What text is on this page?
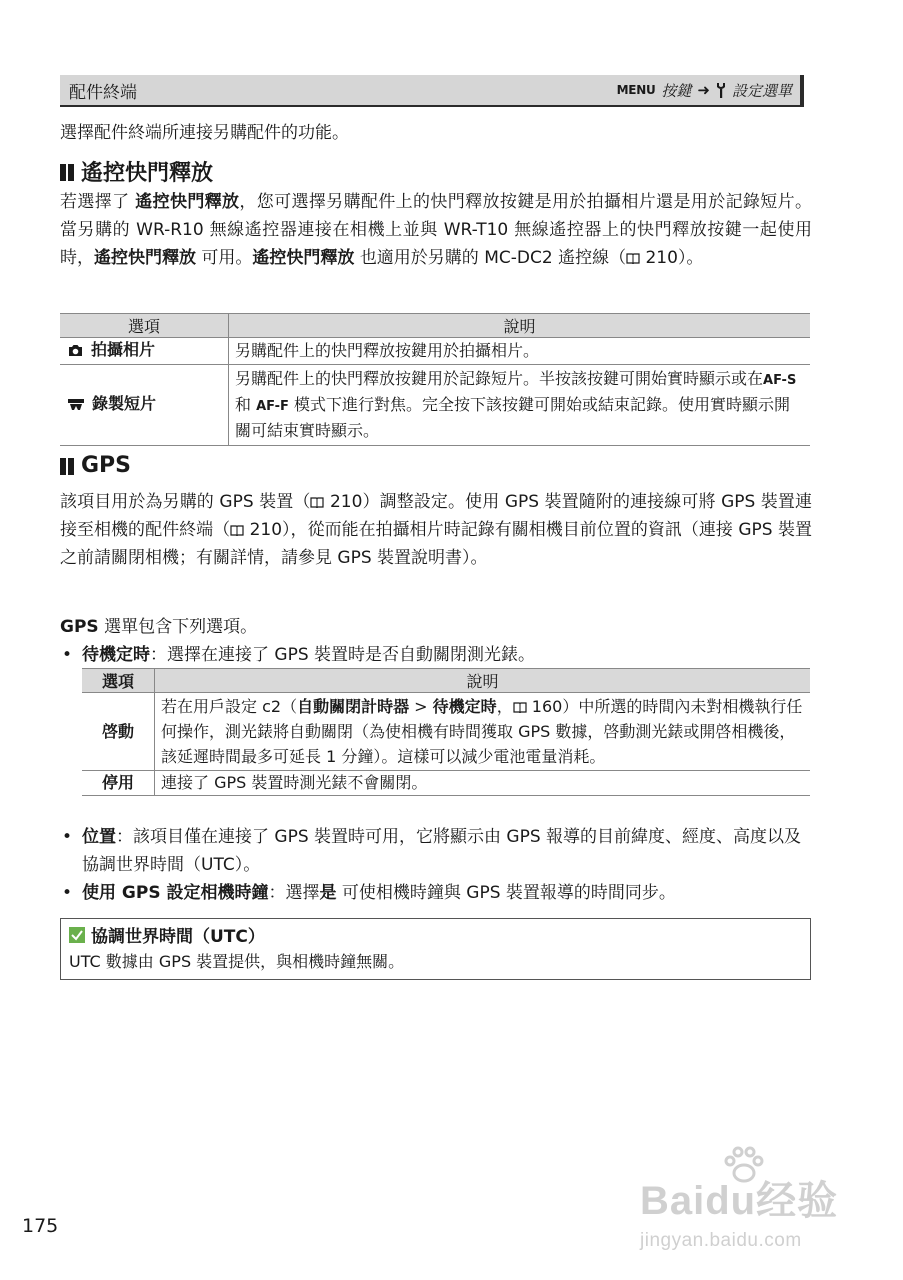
配件終端	MENU 按鍵 ➜ 設定選單
選擇配件終端所連接另購配件的功能。
遙控快門釋放
若選擇了 遙控快門釋放，您可選擇另購配件上的快門釋放按鍵是用於拍攝相片還是用於記錄短片。當另購的 WR-R10 無線遙控器連接在相機上並與 WR-T10 無線遙控器上的快門釋放按鍵一起使用時，遙控快門釋放 可用。遙控快門釋放 也適用於另購的 MC-DC2 遙控線（ 210）。
選項	說明
拍攝相片	另購配件上的快門釋放按鍵用於拍攝相片。
錄製短片	另購配件上的快門釋放按鍵用於記錄短片。半按該按鍵可開始實時顯示或在AF-S 和 AF-F 模式下進行對焦。完全按下該按鍵可開始或結束記錄。使用實時顯示開關可結束實時顯示。
GPS
該項目用於為另購的 GPS 裝置（ 210）調整設定。使用 GPS 裝置隨附的連接線可將 GPS 裝置連接至相機的配件終端（ 210），從而能在拍攝相片時記錄有關相機目前位置的資訊（連接 GPS 裝置之前請關閉相機；有關詳情，請參見 GPS 裝置說明書）。
GPS 選單包含下列選項。
• 待機定時：選擇在連接了 GPS 裝置時是否自動關閉測光錶。
選項	說明
啓動	若在用戶設定 c2（自動關閉計時器 > 待機定時， 160）中所選的時間內未對相機執行任何操作，測光錶將自動關閉（為使相機有時間獲取 GPS 數據，啓動測光錶或開啓相機後，該延遲時間最多可延長 1 分鐘）。這樣可以減少電池電量消耗。
停用	連接了 GPS 裝置時測光錶不會關閉。
• 位置：該項目僅在連接了 GPS 裝置時可用，它將顯示由 GPS 報導的目前緯度、經度、高度以及協調世界時間（UTC）。
• 使用 GPS 設定相機時鐘：選擇是 可使相機時鐘與 GPS 裝置報導的時間同步。
協調世界時間（UTC）
UTC 數據由 GPS 裝置提供，與相機時鐘無關。
175
Baidu经验
jingyan.baidu.com
